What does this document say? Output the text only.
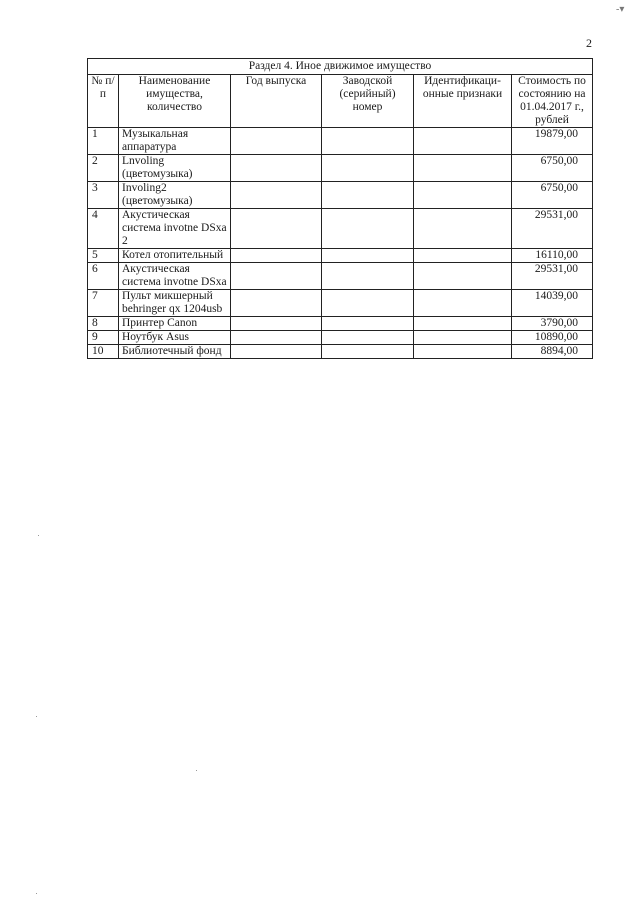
-▾
2
Раздел 4. Иное движимое имущество					
№ п/п	Наименование имущества, количество	Год выпуска	Заводской (серийный) номер	Идентификаци-онные признаки	Стоимость по состоянию на 01.04.2017 г., рублей
1	Музыкальная аппаратура				19879,00
2	Lnvoling (цветомузыка)				6750,00
3	Involing2 (цветомузыка)				6750,00
4	Акустическая система invotne DSxa 2				29531,00
5	Котел отопительный				16110,00
6	Акустическая система invotne DSxa				29531,00
7	Пульт микшерный behringer qx 1204usb				14039,00
8	Принтер Canon				3790,00
9	Ноутбук Asus				10890,00
10	Библиотечный фонд				8894,00
